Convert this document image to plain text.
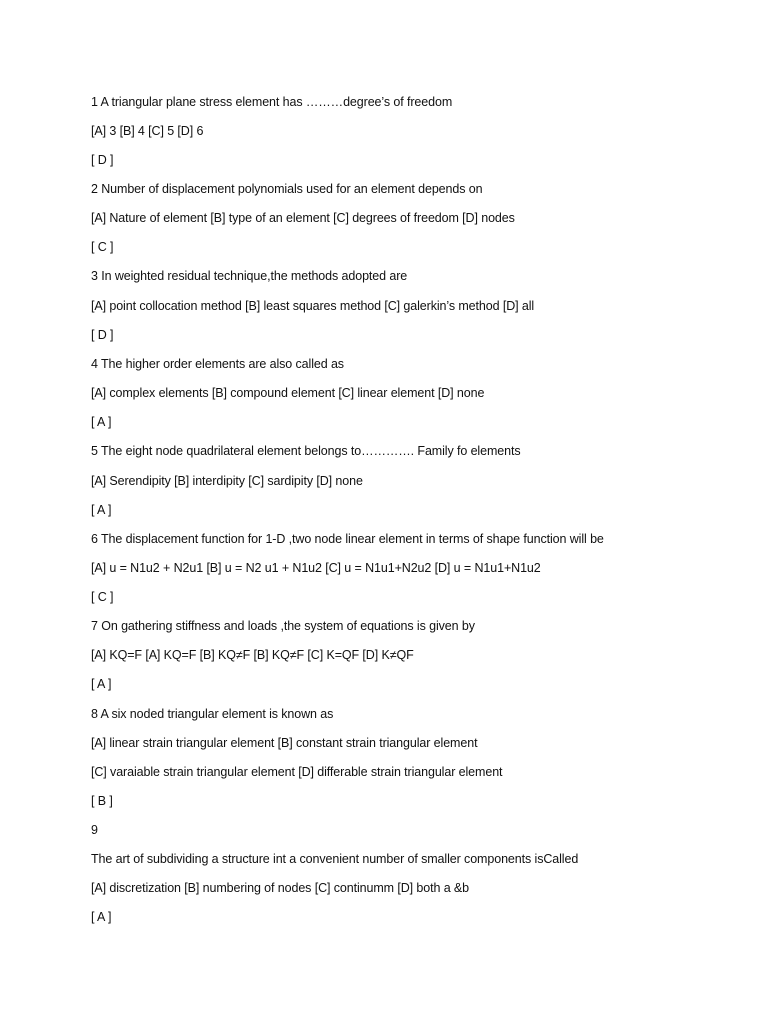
1 A triangular plane stress element has ………degree’s of freedom
[A] 3 [B] 4 [C] 5 [D] 6
[ D ]
2 Number of displacement polynomials used for an element depends on
[A] Nature of element [B] type of an element [C] degrees of freedom [D] nodes
[ C ]
3 In weighted residual technique,the methods adopted are
[A] point collocation method [B] least squares method [C] galerkin’s method [D] all
[ D ]
4 The higher order elements are also called as
[A] complex elements [B] compound element [C] linear element [D] none
[ A ]
5 The eight node quadrilateral element belongs to…………. Family fo elements
[A] Serendipity [B] interdipity [C] sardipity [D] none
[ A ]
6 The displacement function for 1-D ,two node linear element in terms of shape function will be
[A] u = N1u2 + N2u1 [B] u = N2 u1 + N1u2 [C] u = N1u1+N2u2 [D] u = N1u1+N1u2
[ C ]
7 On gathering stiffness and loads ,the system of equations is given by
[A] KQ=F [A] KQ=F [B] KQ≠F [B] KQ≠F [C] K=QF [D] K≠QF
[ A ]
8 A six noded triangular element is known as
[A] linear strain triangular element [B] constant strain triangular element
[C] varaiable strain triangular element [D] differable strain triangular element
[ B ]
9
The art of subdividing a structure int a convenient number of smaller components isCalled
[A] discretization [B] numbering of nodes [C] continumm [D] both a &b
[ A ]
